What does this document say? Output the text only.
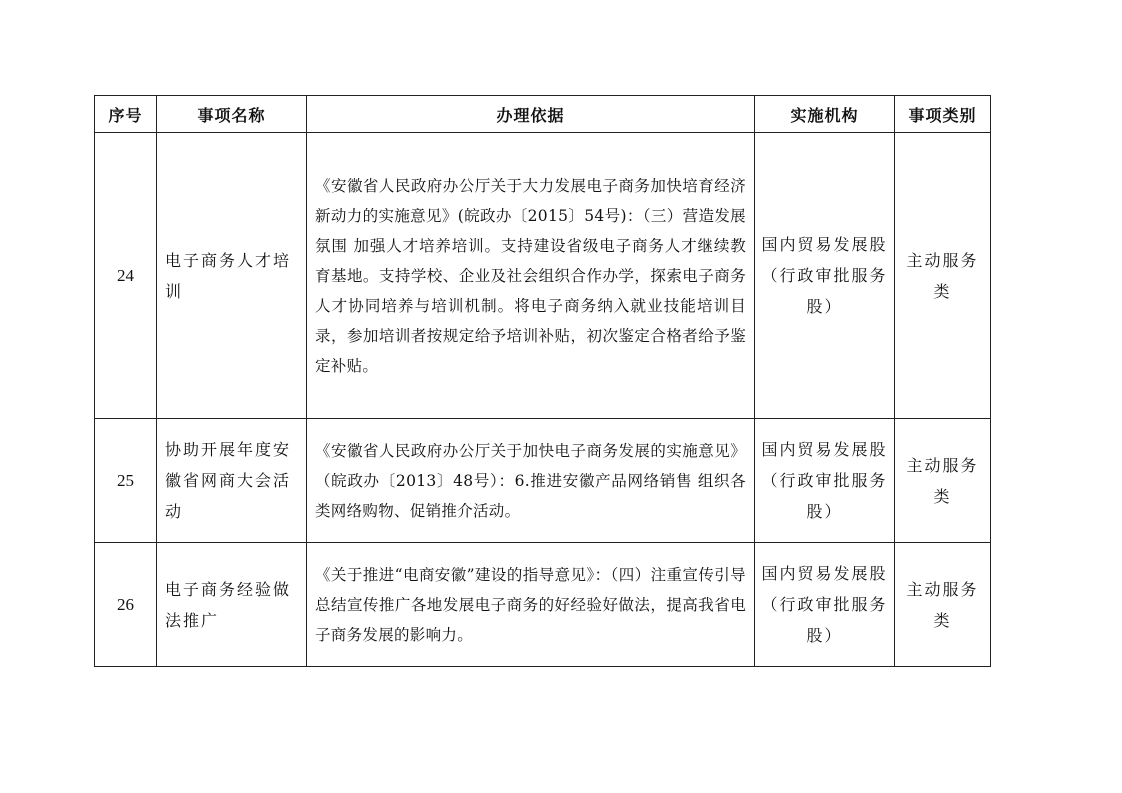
序号	事项名称	办理依据	实施机构	事项类别
24	电子商务人才培训	《安徽省人民政府办公厅关于大力发展电子商务加快培育经济新动力的实施意见》(皖政办〔2015〕54号)：（三）营造发展氛围 加强人才培养培训。支持建设省级电子商务人才继续教育基地。支持学校、企业及社会组织合作办学，探索电子商务人才协同培养与培训机制。将电子商务纳入就业技能培训目录，参加培训者按规定给予培训补贴，初次鉴定合格者给予鉴定补贴。	国内贸易发展股（行政审批服务股）	主动服务类
25	协助开展年度安徽省网商大会活动	《安徽省人民政府办公厅关于加快电子商务发展的实施意见》（皖政办〔2013〕48号）：6.推进安徽产品网络销售 组织各类网络购物、促销推介活动。	国内贸易发展股（行政审批服务股）	主动服务类
26	电子商务经验做法推广	《关于推进“电商安徽”建设的指导意见》：（四）注重宣传引导 总结宣传推广各地发展电子商务的好经验好做法，提高我省电子商务发展的影响力。	国内贸易发展股（行政审批服务股）	主动服务类
